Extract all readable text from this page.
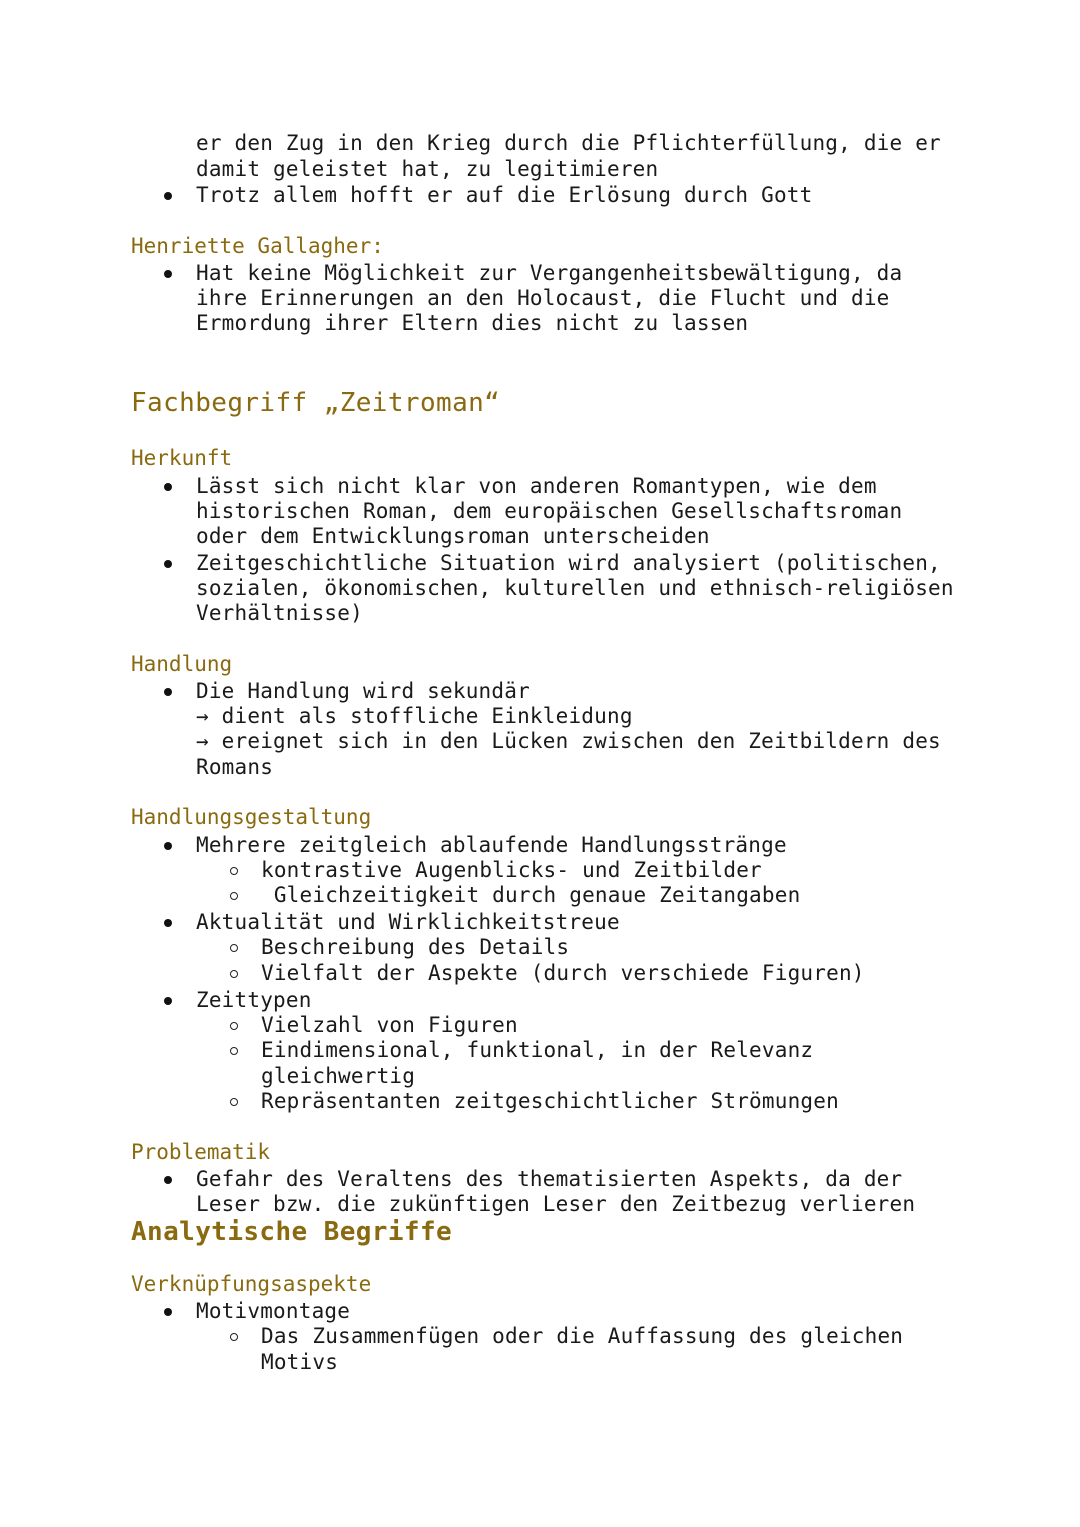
er den Zug in den Krieg durch die Pflichterfüllung, die er
damit geleistet hat, zu legitimieren
Trotz allem hofft er auf die Erlösung durch Gott
Henriette Gallagher:
Hat keine Möglichkeit zur Vergangenheitsbewältigung, da
ihre Erinnerungen an den Holocaust, die Flucht und die
Ermordung ihrer Eltern dies nicht zu lassen
Fachbegriff „Zeitroman“
Herkunft
Lässt sich nicht klar von anderen Romantypen, wie dem
historischen Roman, dem europäischen Gesellschaftsroman
oder dem Entwicklungsroman unterscheiden
Zeitgeschichtliche Situation wird analysiert (politischen,
sozialen, ökonomischen, kulturellen und ethnisch-religiösen
Verhältnisse)
Handlung
Die Handlung wird sekundär
→ dient als stoffliche Einkleidung
→ ereignet sich in den Lücken zwischen den Zeitbildern des
Romans
Handlungsgestaltung
Mehrere zeitgleich ablaufende Handlungsstränge
kontrastive Augenblicks- und Zeitbilder
Gleichzeitigkeit durch genaue Zeitangaben
Aktualität und Wirklichkeitstreue
Beschreibung des Details
Vielfalt der Aspekte (durch verschiede Figuren)
Zeittypen
Vielzahl von Figuren
Eindimensional, funktional, in der Relevanz
gleichwertig
Repräsentanten zeitgeschichtlicher Strömungen
Problematik
Gefahr des Veraltens des thematisierten Aspekts, da der
Leser bzw. die zukünftigen Leser den Zeitbezug verlieren
Analytische Begriffe
Verknüpfungsaspekte
Motivmontage
Das Zusammenfügen oder die Auffassung des gleichen
Motivs
